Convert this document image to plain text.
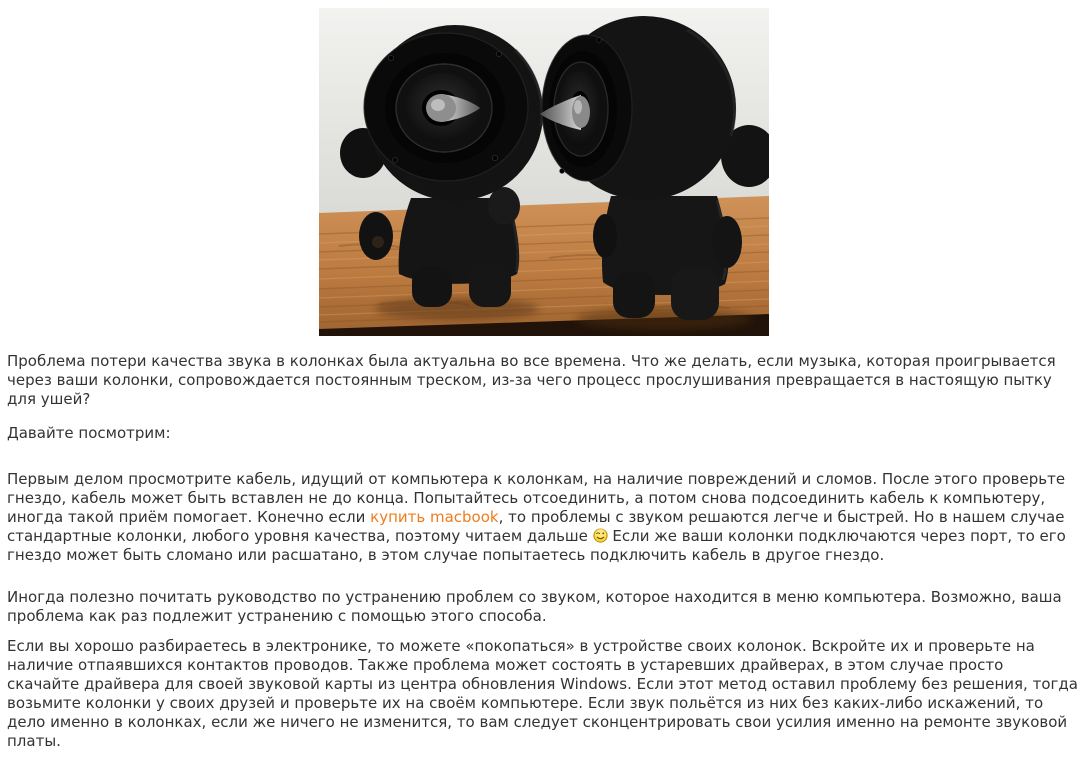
Проблема потери качества звука в колонках была актуальна во все времена. Что же делать, если музыка, которая проигрывается через ваши колонки, сопровождается постоянным треском, из-за чего процесс прослушивания превращается в настоящую пытку для ушей?

Давайте посмотрим:

Первым делом просмотрите кабель, идущий от компьютера к колонкам, на наличие повреждений и сломов. После этого проверьте гнездо, кабель может быть вставлен не до конца. Попытайтесь отсоединить, а потом снова подсоединить кабель к компьютеру, иногда такой приём помогает. Конечно если купить macbook, то проблемы с звуком решаются легче и быстрей. Но в нашем случае стандартные колонки, любого уровня качества, поэтому читаем дальше  Если же ваши колонки подключаются через порт, то его гнездо может быть сломано или расшатано, в этом случае попытаетесь подключить кабель в другое гнездо.

Иногда полезно почитать руководство по устранению проблем со звуком, которое находится в меню компьютера. Возможно, ваша проблема как раз подлежит устранению с помощью этого способа.

Если вы хорошо разбираетесь в электронике, то можете «покопаться» в устройстве своих колонок. Вскройте их и проверьте на наличие отпаявшихся контактов проводов. Также проблема может состоять в устаревших драйверах, в этом случае просто скачайте драйвера для своей звуковой карты из центра обновления Windows. Если этот метод оставил проблему без решения, тогда возьмите колонки у своих друзей и проверьте их на своём компьютере. Если звук польётся из них без каких-либо искажений, то дело именно в колонках, если же ничего не изменится, то вам следует сконцентрировать свои усилия именно на ремонте звуковой платы.
